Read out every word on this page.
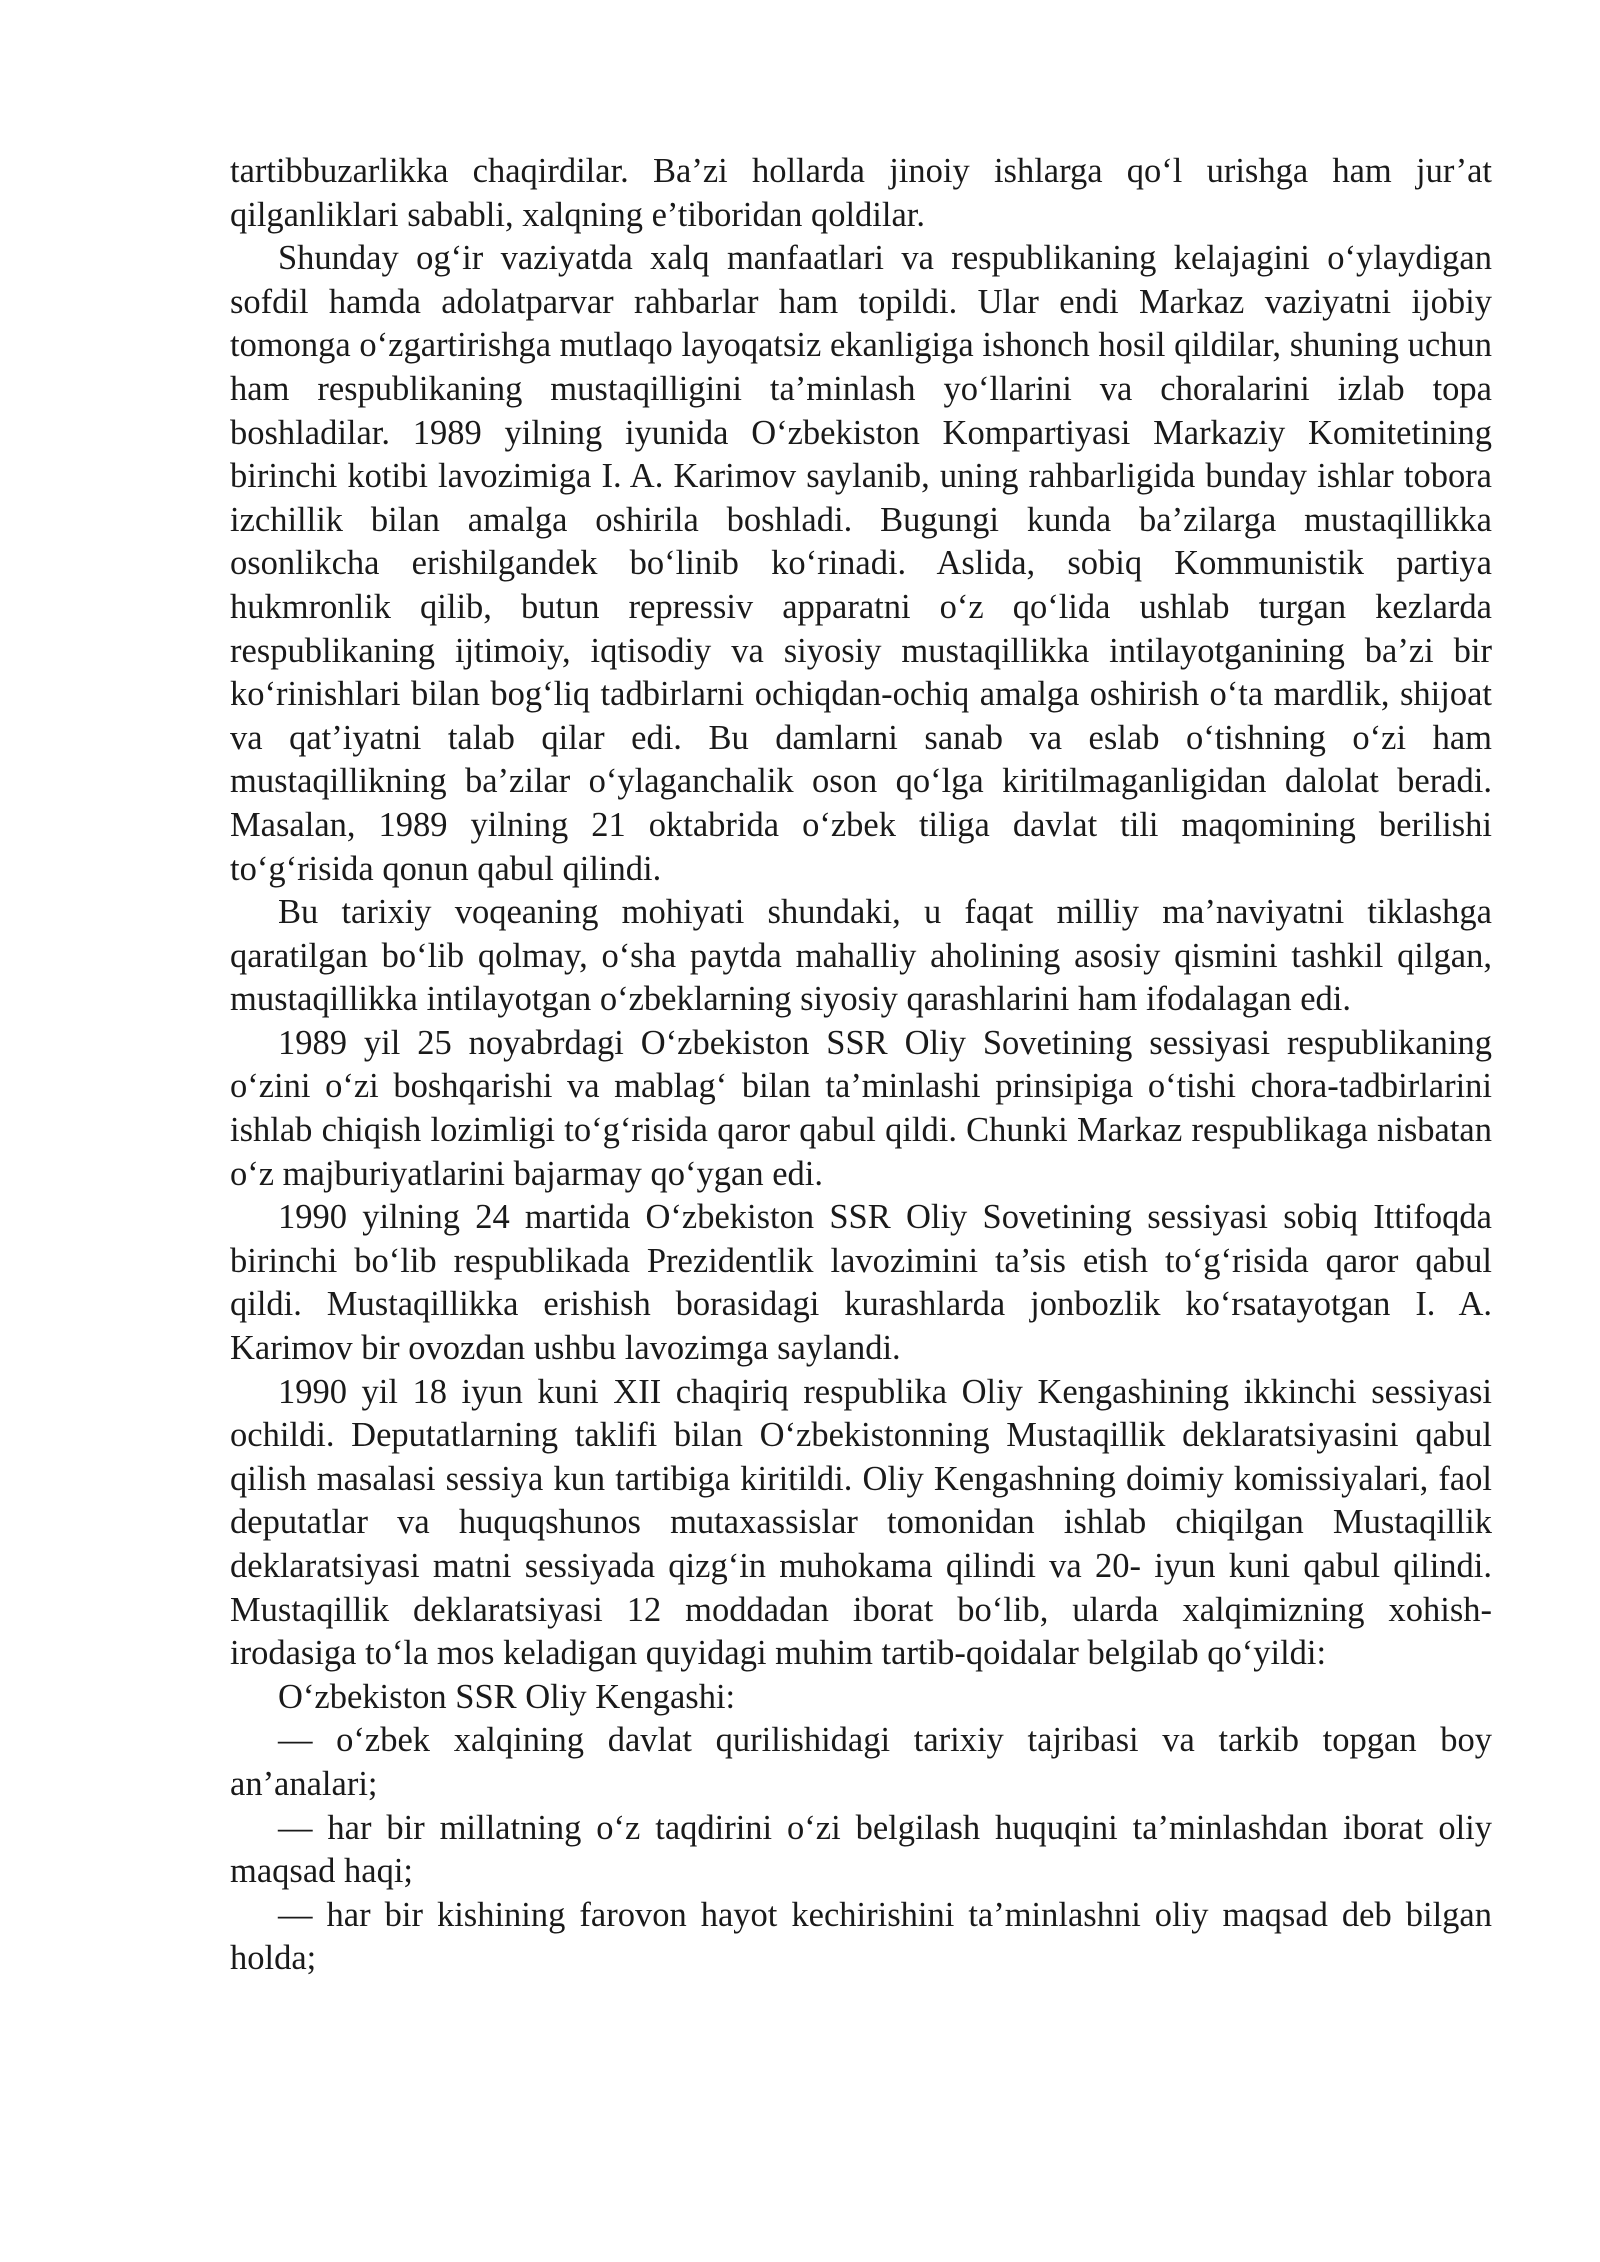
tartibbuzarlikka chaqirdilar. Ba’zi hollarda jinoiy ishlarga qo‘l urishga ham jur’at qilganliklari sababli, xalqning e’tiboridan qoldilar.

Shunday og‘ir vaziyatda xalq manfaatlari va respublikaning kelajagini o‘ylaydigan sofdil hamda adolatparvar rahbarlar ham topildi. Ular endi Markaz vaziyatni ijobiy tomonga o‘zgartirishga mutlaqo layoqatsiz ekanligiga ishonch hosil qildilar, shuning uchun ham respublikaning mustaqilligini ta’minlash yo‘llarini va choralarini izlab topa boshladilar. 1989 yilning iyunida O‘zbekiston Kompartiyasi Markaziy Komitetining birinchi kotibi lavozimiga I. A. Karimov saylanib, uning rahbarligida bunday ishlar tobora izchillik bilan amalga oshirila boshladi. Bugungi kunda ba’zilarga mustaqillikka osonlikcha erishilgandek bo‘linib ko‘rinadi. Aslida, sobiq Kommunistik partiya hukmronlik qilib, butun repressiv apparatni o‘z qo‘lida ushlab turgan kezlarda respublikaning ijtimoiy, iqtisodiy va siyosiy mustaqillikka intilayotganining ba’zi bir ko‘rinishlari bilan bog‘liq tadbirlarni ochiqdan-ochiq amalga oshirish o‘ta mardlik, shijoat va qat’iyatni talab qilar edi. Bu damlarni sanab va eslab o‘tishning o‘zi ham mustaqillikning ba’zilar o‘ylaganchalik oson qo‘lga kiritilmaganligidan dalolat beradi. Masalan, 1989 yilning 21 oktabrida o‘zbek tiliga davlat tili maqomining berilishi to‘g‘risida qonun qabul qilindi.

Bu tarixiy voqeaning mohiyati shundaki, u faqat milliy ma’naviyatni tiklashga qaratilgan bo‘lib qolmay, o‘sha paytda mahalliy aholining asosiy qismini tashkil qilgan, mustaqillikka intilayotgan o‘zbeklarning siyosiy qarashlarini ham ifodalagan edi.

1989 yil 25 noyabrdagi O‘zbekiston SSR Oliy Sovetining sessiyasi respublikaning o‘zini o‘zi boshqarishi va mablag‘ bilan ta’minlashi prinsipiga o‘tishi chora-tadbirlarini ishlab chiqish lozimligi to‘g‘risida qaror qabul qildi. Chunki Markaz respublikaga nisbatan o‘z majburiyatlarini bajarmay qo‘ygan edi.

1990 yilning 24 martida O‘zbekiston SSR Oliy Sovetining sessiyasi sobiq Ittifoqda birinchi bo‘lib respublikada Prezidentlik lavozimini ta’sis etish to‘g‘risida qaror qabul qildi. Mustaqillikka erishish borasidagi kurashlarda jonbozlik ko‘rsatayotgan I. A. Karimov bir ovozdan ushbu lavozimga saylandi.

1990 yil 18 iyun kuni XII chaqiriq respublika Oliy Kengashining ikkinchi sessiyasi ochildi. Deputatlarning taklifi bilan O‘zbekistonning Mustaqillik deklaratsiyasini qabul qilish masalasi sessiya kun tartibiga kiritildi. Oliy Kengashning doimiy komissiyalari, faol deputatlar va huquqshunos mutaxassislar tomonidan ishlab chiqilgan Mustaqillik deklaratsiyasi matni sessiyada qizg‘in muhokama qilindi va 20- iyun kuni qabul qilindi. Mustaqillik deklaratsiyasi 12 moddadan iborat bo‘lib, ularda xalqimizning xohish-irodasiga to‘la mos keladigan quyidagi muhim tartib-qoidalar belgilab qo‘yildi:

O‘zbekiston SSR Oliy Kengashi:

— o‘zbek xalqining davlat qurilishidagi tarixiy tajribasi va tarkib topgan boy an’analari;

— har bir millatning o‘z taqdirini o‘zi belgilash huquqini ta’minlashdan iborat oliy maqsad haqi;

— har bir kishining farovon hayot kechirishini ta’minlashni oliy maqsad deb bilgan holda;
